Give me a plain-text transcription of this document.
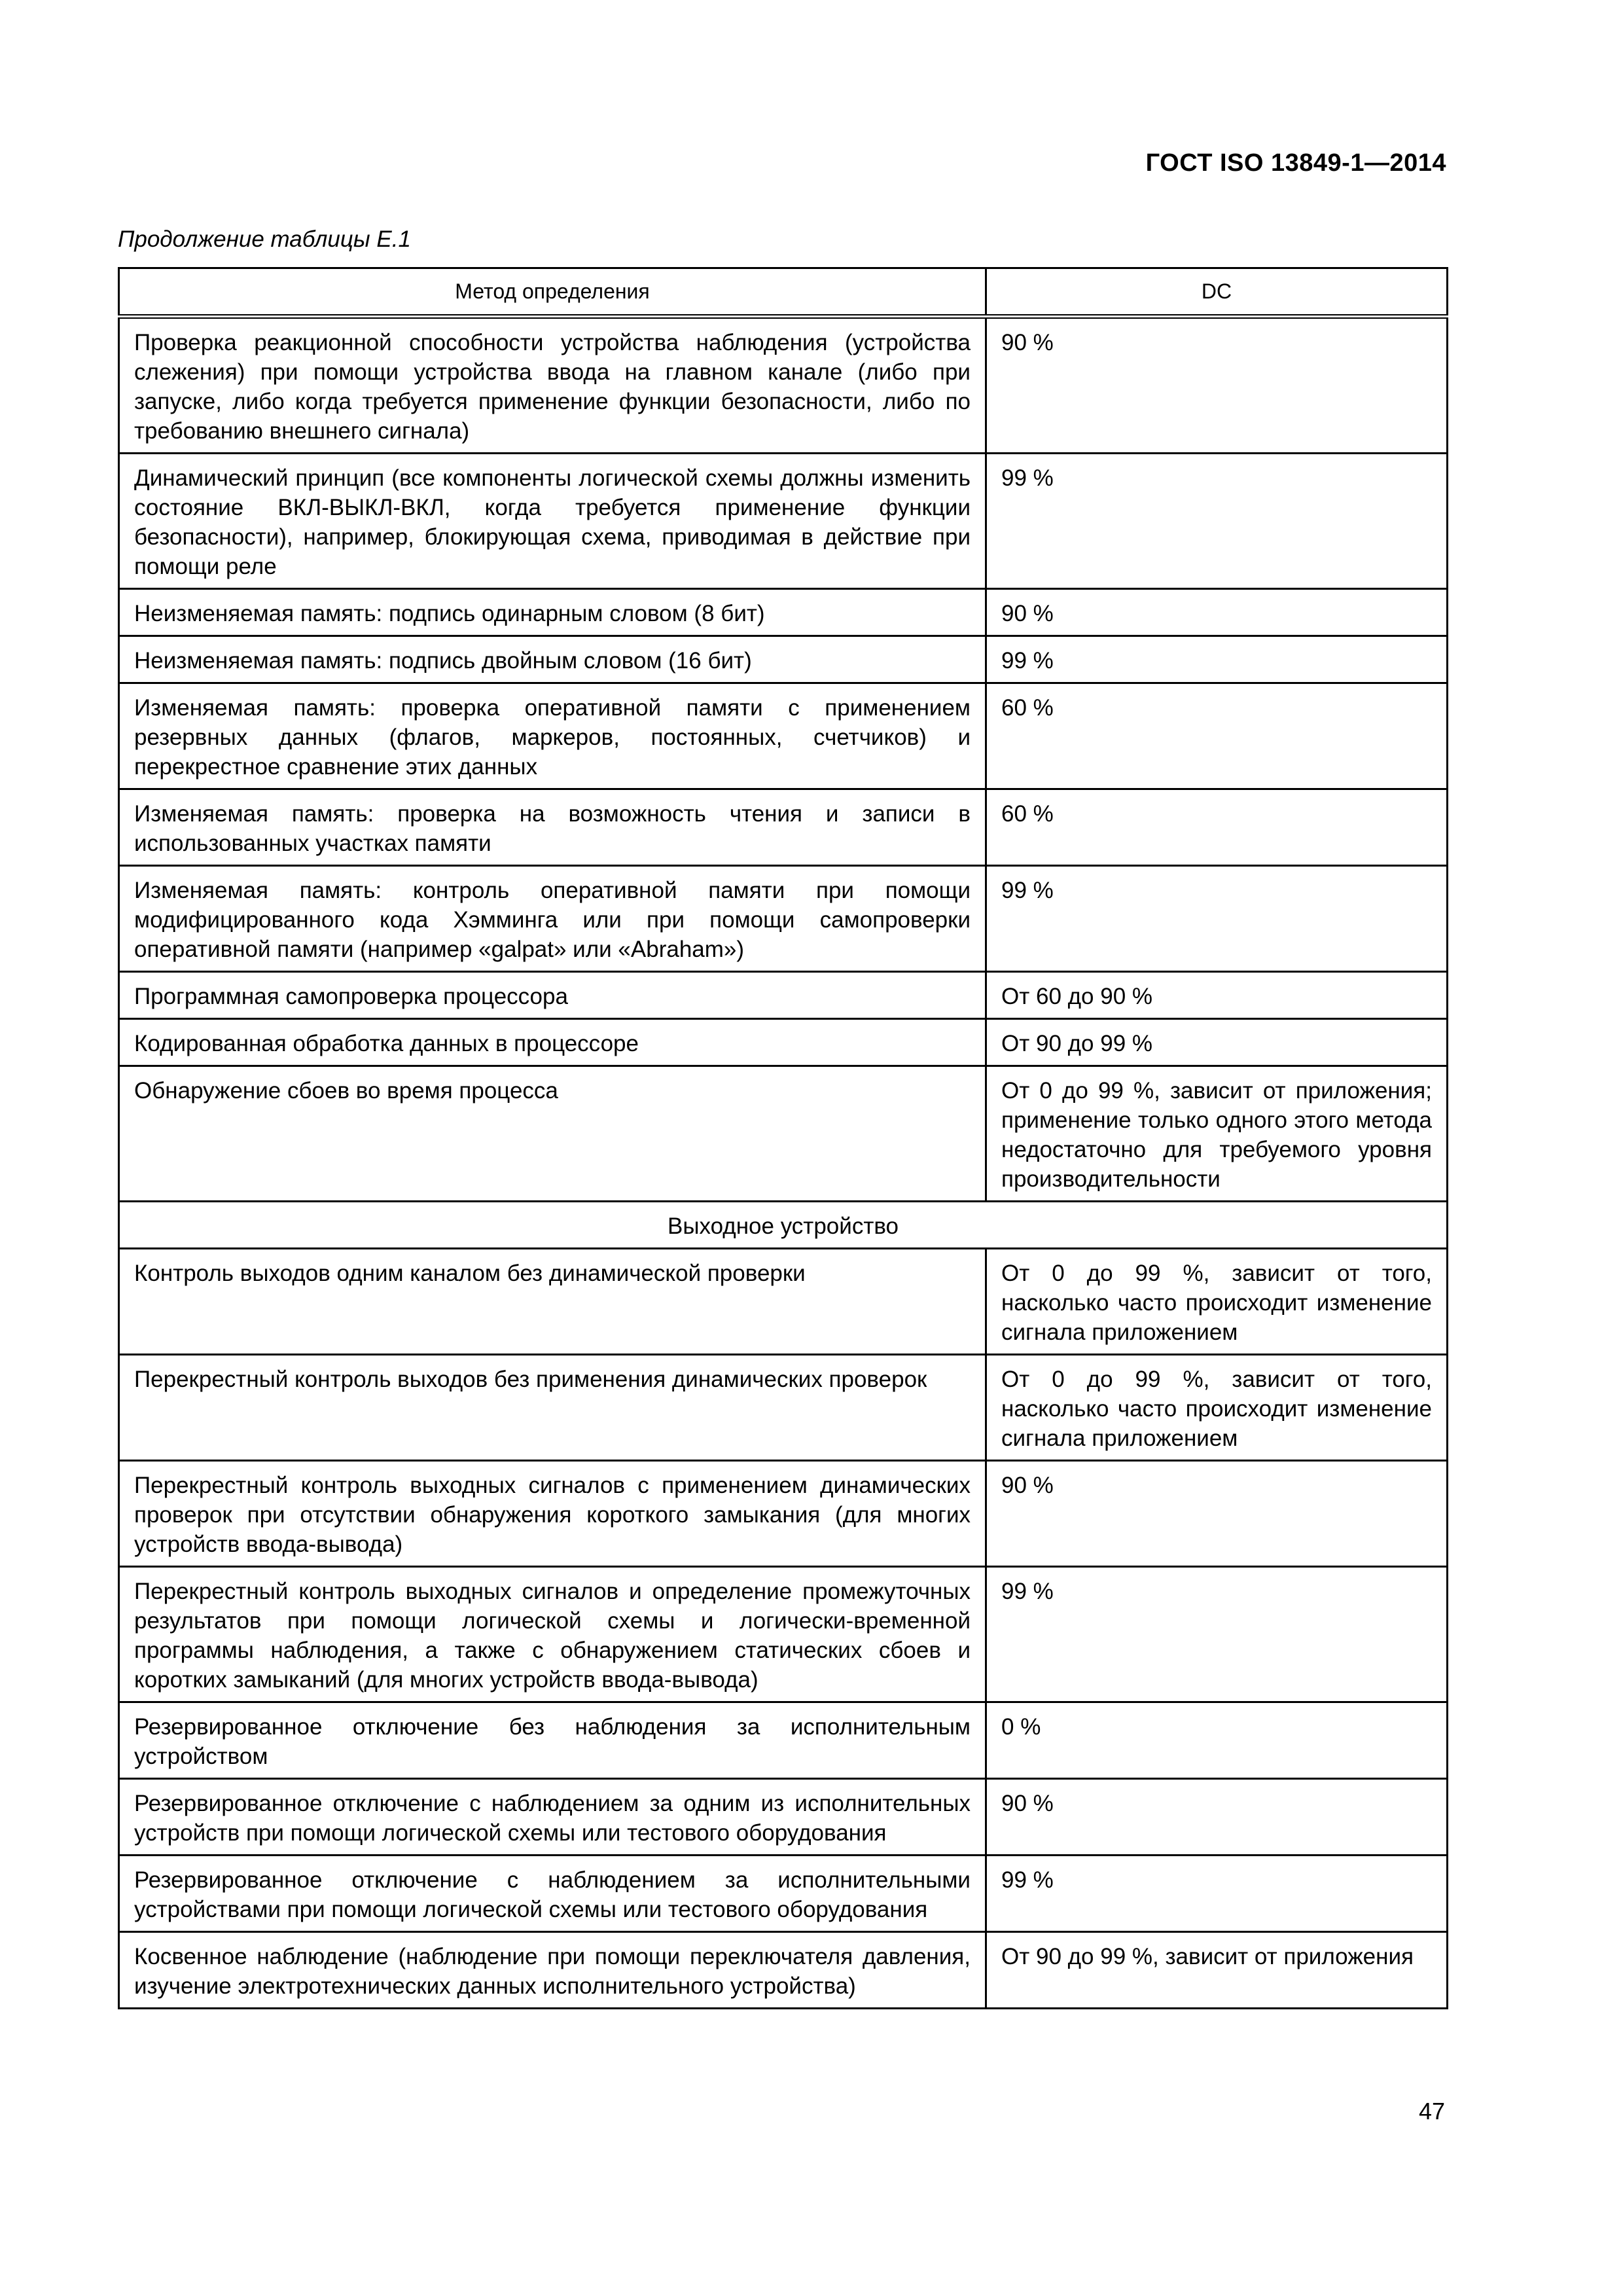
ГОСТ ISO 13849-1—2014
Продолжение таблицы Е.1
Метод определения	DC
Проверка реакционной способности устройства наблюдения (устройства слежения) при помощи устройства ввода на главном канале (либо при запуске, либо когда требуется применение функции безопасности, либо по требованию внешнего сигнала)	90 %
Динамический принцип (все компоненты логической схемы должны изменить состояние ВКЛ-ВЫКЛ-ВКЛ, когда требуется применение функции безопасности), например, блокирующая схема, приводимая в действие при помощи реле	99 %
Неизменяемая память: подпись одинарным словом (8 бит)	90 %
Неизменяемая память: подпись двойным словом (16 бит)	99 %
Изменяемая память: проверка оперативной памяти с применением резервных данных (флагов, маркеров, постоянных, счетчиков) и перекрестное сравнение этих данных	60 %
Изменяемая память: проверка на возможность чтения и записи в использованных участках памяти	60 %
Изменяемая память: контроль оперативной памяти при помощи модифицированного кода Хэмминга или при помощи самопроверки оперативной памяти (например «galpat» или «Abraham»)	99 %
Программная самопроверка процессора	От 60 до 90 %
Кодированная обработка данных в процессоре	От 90 до 99 %
Обнаружение сбоев во время процесса	От 0 до 99 %, зависит от приложения; применение только одного этого метода недостаточно для требуемого уровня производительности
Выходное устройство	
Контроль выходов одним каналом без динамической проверки	От 0 до 99 %, зависит от того, насколько часто происходит изменение сигнала приложением
Перекрестный контроль выходов без применения динамических проверок	От 0 до 99 %, зависит от того, насколько часто происходит изменение сигнала приложением
Перекрестный контроль выходных сигналов с применением динамических проверок при отсутствии обнаружения короткого замыкания (для многих устройств ввода-вывода)	90 %
Перекрестный контроль выходных сигналов и определение промежуточных результатов при помощи логической схемы и логически-временной программы наблюдения, а также с обнаружением статических сбоев и коротких замыканий (для многих устройств ввода-вывода)	99 %
Резервированное отключение без наблюдения за исполнительным устройством	0 %
Резервированное отключение с наблюдением за одним из исполнительных устройств при помощи логической схемы или тестового оборудования	90 %
Резервированное отключение с наблюдением за исполнительными устройствами при помощи логической схемы или тестового оборудования	99 %
Косвенное наблюдение (наблюдение при помощи переключателя давления, изучение электротехнических данных исполнительного устройства)	От 90 до 99 %, зависит от приложения
47
